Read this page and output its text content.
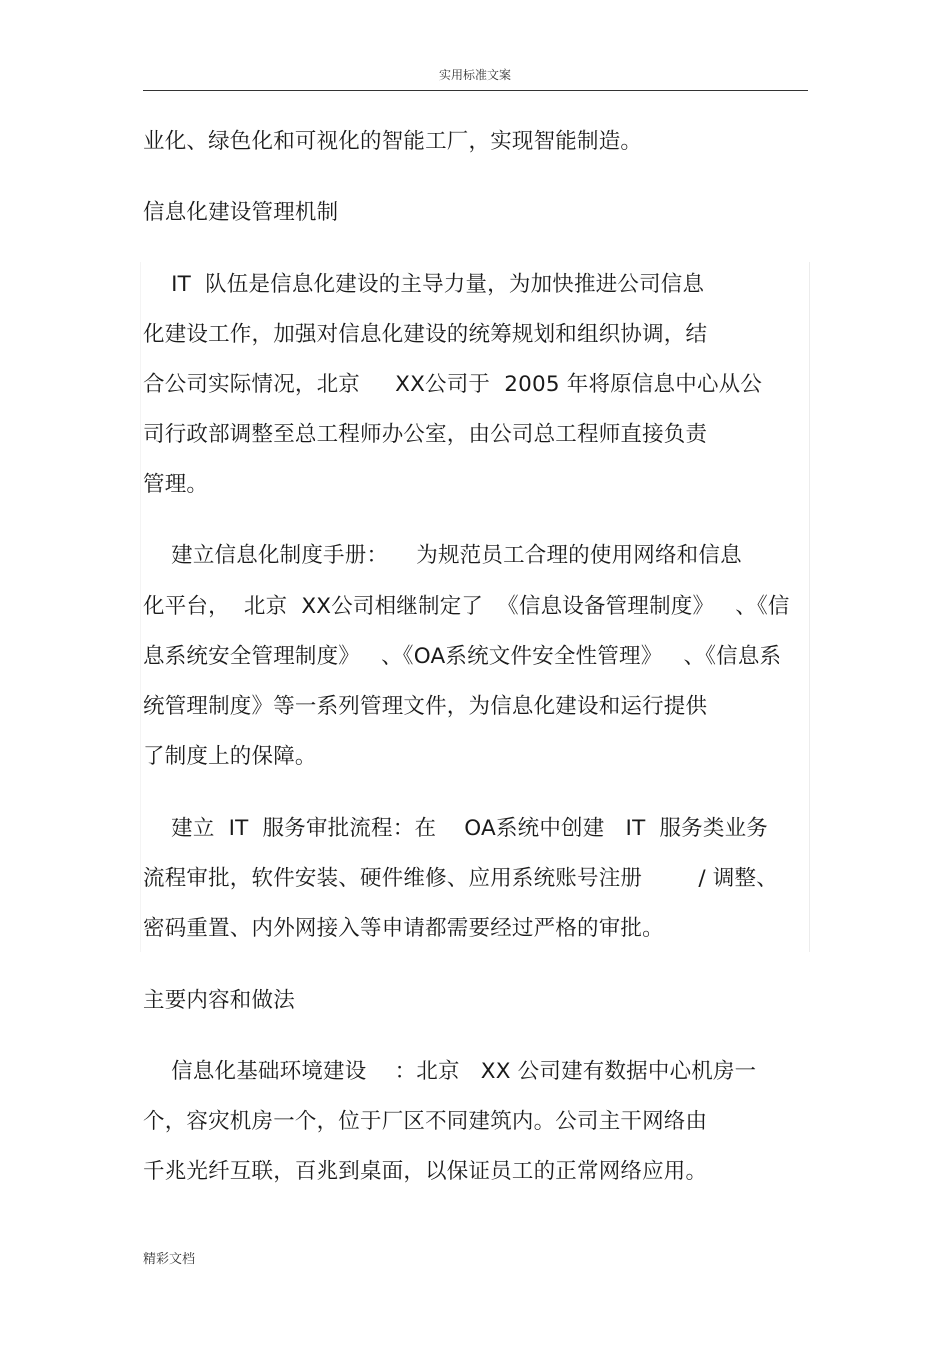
实用标准文案
业化、绿色化和可视化的智能工厂，实现智能制造。
信息化建设管理机制
IT  队伍是信息化建设的主导力量，为加快推进公司信息
化建设工作，加强对信息化建设的统筹规划和组织协调，结
合公司实际情况，北京     XX公司于  2005 年将原信息中心从公
司行政部调整至总工程师办公室，由公司总工程师直接负责
管理。
建立信息化制度手册：    为规范员工合理的使用网络和信息
化平台，  北京  XX公司相继制定了  《信息设备管理制度》   、《信
息系统安全管理制度》   、《OA系统文件安全性管理》   、《信息系
统管理制度》等一系列管理文件，为信息化建设和运行提供
了制度上的保障。
建立  IT  服务审批流程：在    OA系统中创建   IT  服务类业务
流程审批，软件安装、硬件维修、应用系统账号注册        / 调整、
密码重置、内外网接入等申请都需要经过严格的审批。
主要内容和做法
信息化基础环境建设    ：北京   XX 公司建有数据中心机房一
个，容灾机房一个，位于厂区不同建筑内。公司主干网络由
千兆光纤互联，百兆到桌面，以保证员工的正常网络应用。
精彩文档
